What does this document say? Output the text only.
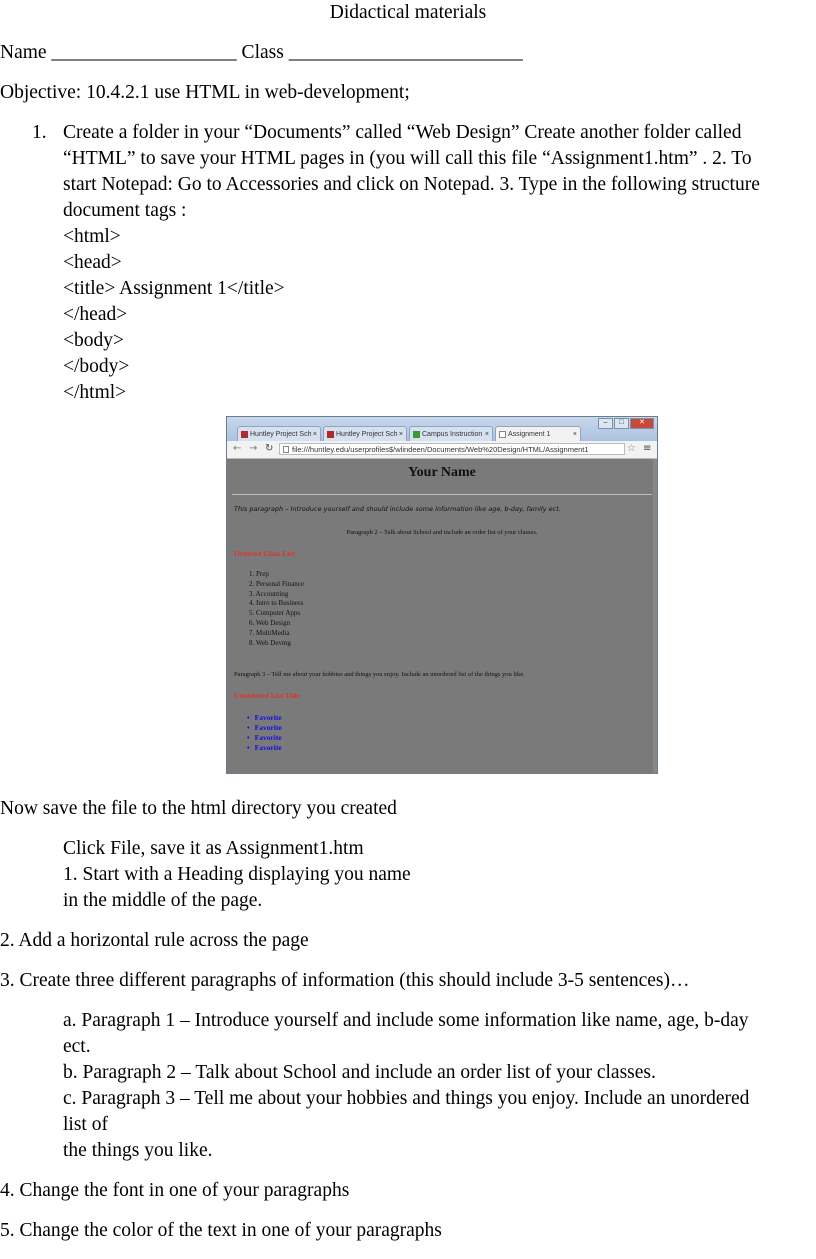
Didactical materials
Name ___________________ Class ________________________
Objective: 10.4.2.1 use HTML in web-development;
1. Create a folder in your “Documents” called “Web Design” Create another folder called
“HTML” to save your HTML pages in (you will call this file “Assignment1.htm” . 2. To
start Notepad: Go to Accessories and click on Notepad. 3. Type in the following structure
document tags :
<html>
<head>
<title> Assignment 1</title>
</head>
<body>
</body>
</html>
Huntley Project Sch ×	Huntley Project Sch ×	Campus Instruction ×	Assignment 1	×
– □ ✕
← → ↻	file:///huntley.edu/userprofiles$/wlindeen/Documents/Web%20Design/HTML/Assignment1	☆ ≡
Your Name
This paragraph – Introduce yourself and should include some information like age, b-day, family ect.
Paragraph 2 – Talk about School and include an order list of your classes.
Ordered Class List
1. Prep
2. Personal Finance
3. Accounting
4. Intro to Business
5. Computer Apps
6. Web Design
7. MultiMedia
8. Web Devmg
Paragraph 3 – Tell me about your hobbies and things you enjoy. Include an unordered list of the things you like.
Unordered List Title
• Favorite
• Favorite
• Favorite
• Favorite
Now save the file to the html directory you created
Click File, save it as Assignment1.htm
1. Start with a Heading displaying you name
in the middle of the page.
2. Add a horizontal rule across the page
3. Create three different paragraphs of information (this should include 3-5 sentences)…
a. Paragraph 1 – Introduce yourself and include some information like name, age, b-day
ect.
b. Paragraph 2 – Talk about School and include an order list of your classes.
c. Paragraph 3 – Tell me about your hobbies and things you enjoy. Include an unordered
list of
the things you like.
4. Change the font in one of your paragraphs
5. Change the color of the text in one of your paragraphs
